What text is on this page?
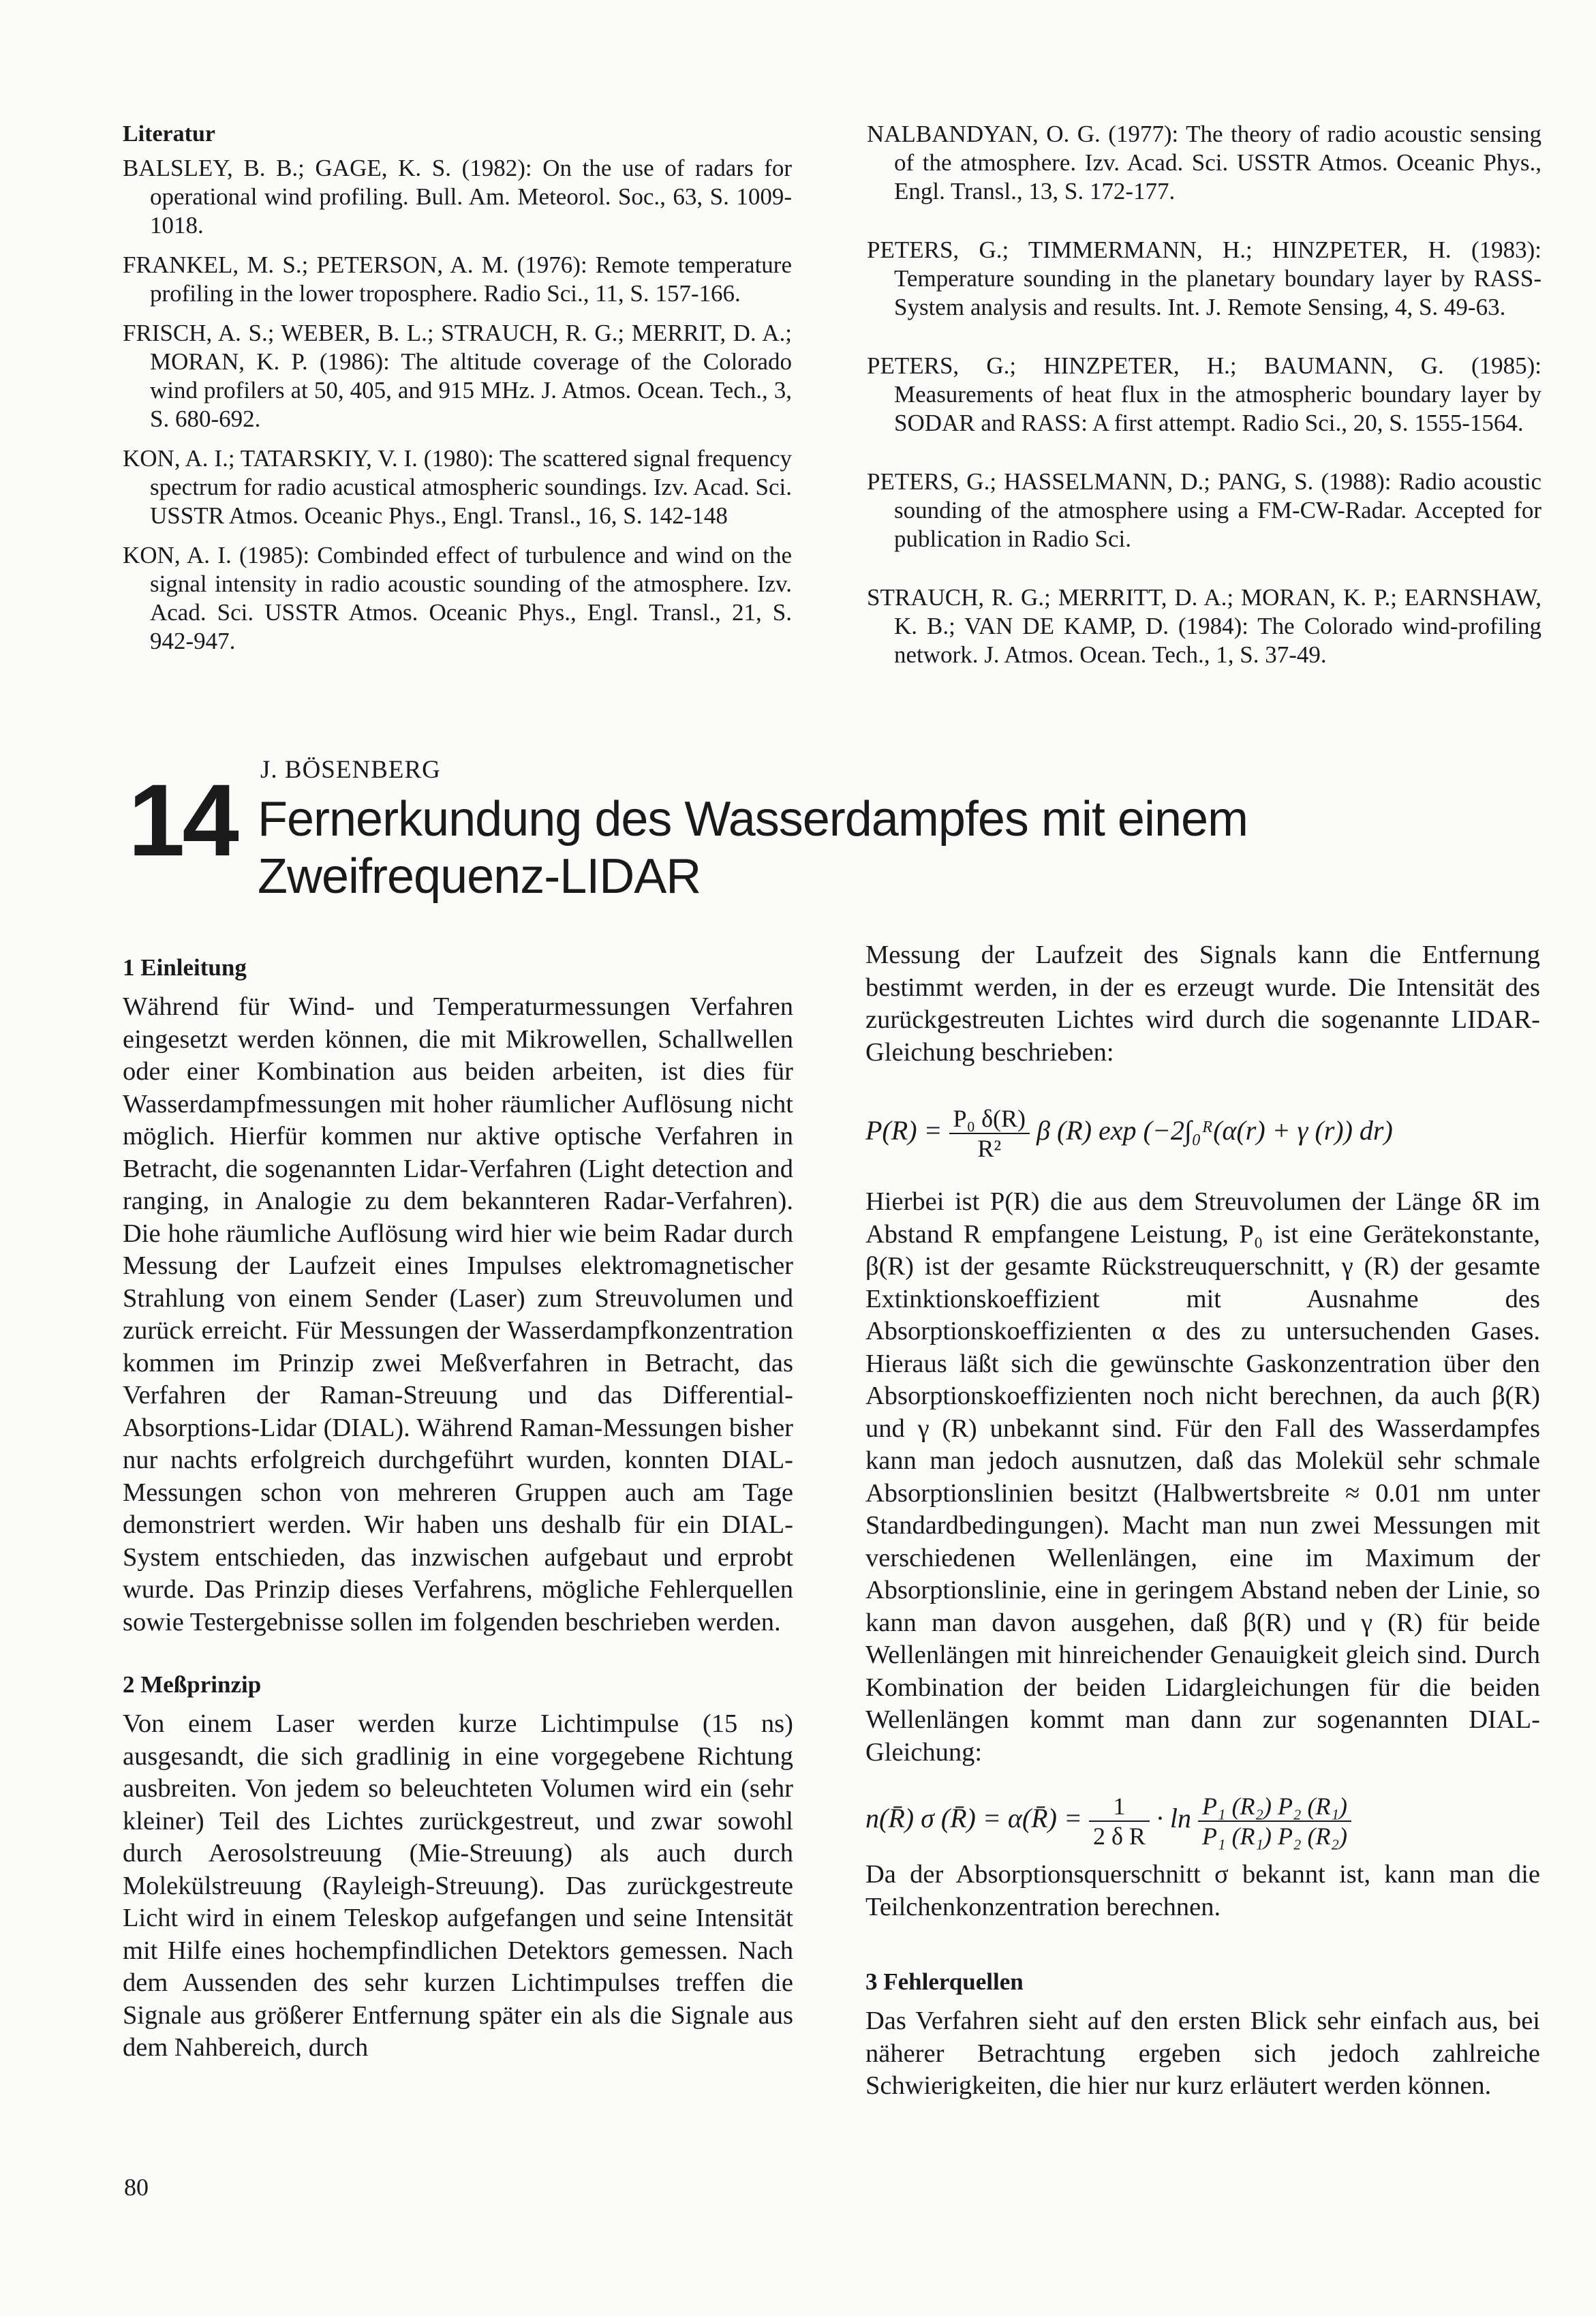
Literatur

BALSLEY, B. B.; GAGE, K. S. (1982): On the use of radars for operational wind profiling. Bull. Am. Meteorol. Soc., 63, S. 1009-1018.

FRANKEL, M. S.; PETERSON, A. M. (1976): Remote temperature profiling in the lower troposphere. Radio Sci., 11, S. 157-166.

FRISCH, A. S.; WEBER, B. L.; STRAUCH, R. G.; MERRIT, D. A.; MORAN, K. P. (1986): The altitude coverage of the Colorado wind profilers at 50, 405, and 915 MHz. J. Atmos. Ocean. Tech., 3, S. 680-692.

KON, A. I.; TATARSKIY, V. I. (1980): The scattered signal frequency spectrum for radio acustical atmospheric soundings. Izv. Acad. Sci. USSTR Atmos. Oceanic Phys., Engl. Transl., 16, S. 142-148

KON, A. I. (1985): Combinded effect of turbulence and wind on the signal intensity in radio acoustic sounding of the atmosphere. Izv. Acad. Sci. USSTR Atmos. Oceanic Phys., Engl. Transl., 21, S. 942-947.

NALBANDYAN, O. G. (1977): The theory of radio acoustic sensing of the atmosphere. Izv. Acad. Sci. USSTR Atmos. Oceanic Phys., Engl. Transl., 13, S. 172-177.

PETERS, G.; TIMMERMANN, H.; HINZPETER, H. (1983): Temperature sounding in the planetary boundary layer by RASS-System analysis and results. Int. J. Remote Sensing, 4, S. 49-63.

PETERS, G.; HINZPETER, H.; BAUMANN, G. (1985): Measurements of heat flux in the atmospheric boundary layer by SODAR and RASS: A first attempt. Radio Sci., 20, S. 1555-1564.

PETERS, G.; HASSELMANN, D.; PANG, S. (1988): Radio acoustic sounding of the atmosphere using a FM-CW-Radar. Accepted for publication in Radio Sci.

STRAUCH, R. G.; MERRITT, D. A.; MORAN, K. P.; EARNSHAW, K. B.; VAN DE KAMP, D. (1984): The Colorado wind-profiling network. J. Atmos. Ocean. Tech., 1, S. 37-49.

14 J. BÖSENBERG

Fernerkundung des Wasserdampfes mit einem

Zweifrequenz-LIDAR

1 Einleitung

Während für Wind- und Temperaturmessungen Verfahren eingesetzt werden können, die mit Mikrowellen, Schallwellen oder einer Kombination aus beiden arbeiten, ist dies für Wasserdampfmessungen mit hoher räumlicher Auflösung nicht möglich. Hierfür kommen nur aktive optische Verfahren in Betracht, die sogenannten Lidar-Verfahren (Light detection and ranging, in Analogie zu dem bekannteren Radar-Verfahren). Die hohe räumliche Auflösung wird hier wie beim Radar durch Messung der Laufzeit eines Impulses elektromagnetischer Strahlung von einem Sender (Laser) zum Streuvolumen und zurück erreicht. Für Messungen der Wasserdampfkonzentration kommen im Prinzip zwei Meßverfahren in Betracht, das Verfahren der Raman-Streuung und das Differential-Absorptions-Lidar (DIAL). Während Raman-Messungen bisher nur nachts erfolgreich durchgeführt wurden, konnten DIAL-Messungen schon von mehreren Gruppen auch am Tage demonstriert werden. Wir haben uns deshalb für ein DIAL-System entschieden, das inzwischen aufgebaut und erprobt wurde. Das Prinzip dieses Verfahrens, mögliche Fehlerquellen sowie Testergebnisse sollen im folgenden beschrieben werden.

2 Meßprinzip

Von einem Laser werden kurze Lichtimpulse (15 ns) ausgesandt, die sich gradlinig in eine vorgegebene Richtung ausbreiten. Von jedem so beleuchteten Volumen wird ein (sehr kleiner) Teil des Lichtes zurückgestreut, und zwar sowohl durch Aerosolstreuung (Mie-Streuung) als auch durch Molekülstreuung (Rayleigh-Streuung). Das zurückgestreute Licht wird in einem Teleskop aufgefangen und seine Intensität mit Hilfe eines hochempfindlichen Detektors gemessen. Nach dem Aussenden des sehr kurzen Lichtimpulses treffen die Signale aus größerer Entfernung später ein als die Signale aus dem Nahbereich, durch

Messung der Laufzeit des Signals kann die Entfernung bestimmt werden, in der es erzeugt wurde. Die Intensität des zurückgestreuten Lichtes wird durch die sogenannte LIDAR-Gleichung beschrieben:

$P(R) = \frac{\text{P₀ δ(R)}}{\text{R²}}$ β (R) exp (−2∫₀ᴿ(α(r) + γ (r)) dr)

Hierbei ist P(R) die aus dem Streuvolumen der Länge δR im Abstand R empfangene Leistung, P₀ ist eine Gerätekonstante, β(R) ist der gesamte Rückstreuquerschnitt, γ (R) der gesamte Extinktionskoeffizient mit Ausnahme des Absorptionskoeffizienten α des zu untersuchenden Gases. Hieraus läßt sich die gewünschte Gaskonzentration über den Absorptionskoeffizienten noch nicht berechnen, da auch β(R) und γ (R) unbekannt sind. Für den Fall des Wasserdampfes kann man jedoch ausnutzen, daß das Molekül sehr schmale Absorptionslinien besitzt (Halbwertsbreite ≈ 0.01 nm unter Standardbedingungen). Macht man nun zwei Messungen mit verschiedenen Wellenlängen, eine im Maximum der Absorptionslinie, eine in geringem Abstand neben der Linie, so kann man davon ausgehen, daß β(R) und γ (R) für beide Wellenlängen mit hinreichender Genauigkeit gleich sind. Durch Kombination der beiden Lidargleichungen für die beiden Wellenlängen kommt man dann zur sogenannten DIAL-Gleichung:

n(R̄) σ (R̄) = α(R̄) = $\frac{1}{\text{2 δ R}} \cdot \ln \frac{\text{P₁ (R₂) P₂ (R₁)}}{\text{P₁ (R₁) P₂ (R₂)}}$

Da der Absorptionsquerschnitt σ bekannt ist, kann man die Teilchenkonzentration berechnen.

3 Fehlerquellen

Das Verfahren sieht auf den ersten Blick sehr einfach aus, bei näherer Betrachtung ergeben sich jedoch zahlreiche Schwierigkeiten, die hier nur kurz erläutert werden können.

80
